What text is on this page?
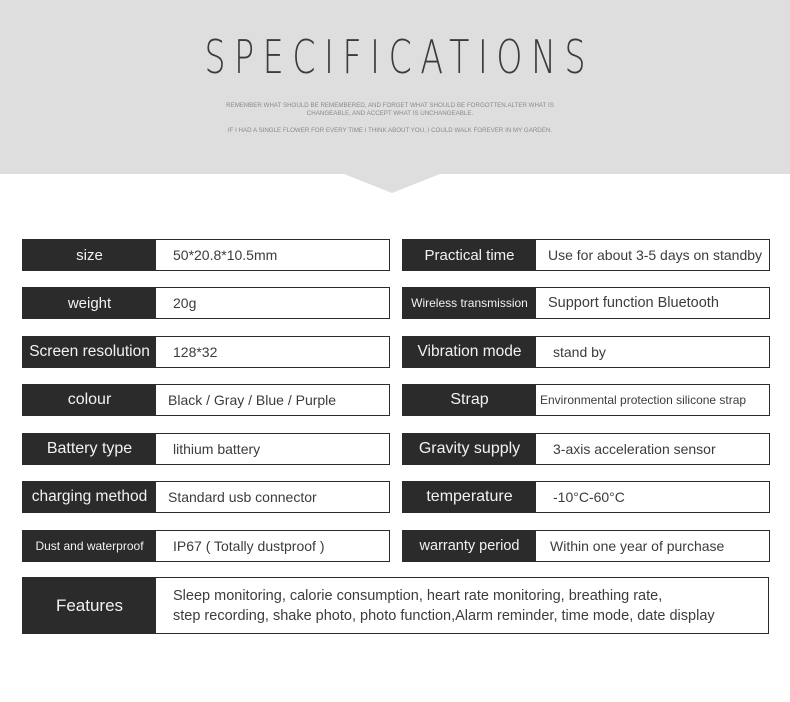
SPECIFICATIONS
REMEMBER WHAT SHOULD BE REMEMBERED, AND FORGET WHAT SHOULD BE FORGOTTEN.ALTER WHAT IS CHANGEABLE, AND ACCEPT WHAT IS UNCHANGEABLE.
IF I HAD A SINGLE FLOWER FOR EVERY TIME I THINK ABOUT YOU, I COULD WALK FOREVER IN MY GARDEN.
size	50*20.8*10.5mm	Practical time	Use for about 3-5 days on standby
weight	20g	Wireless transmission	Support function Bluetooth
Screen resolution	128*32	Vibration mode	stand by
colour	Black / Gray / Blue / Purple	Strap	Environmental protection silicone strap
Battery type	lithium battery	Gravity supply	3-axis acceleration sensor
charging method	Standard usb connector	temperature	-10°C-60°C
Dust and waterproof	IP67 ( Totally dustproof )	warranty period	Within one year of purchase
Features	Sleep monitoring, calorie consumption, heart rate monitoring, breathing rate,
step recording, shake photo, photo function,Alarm reminder, time mode, date display
